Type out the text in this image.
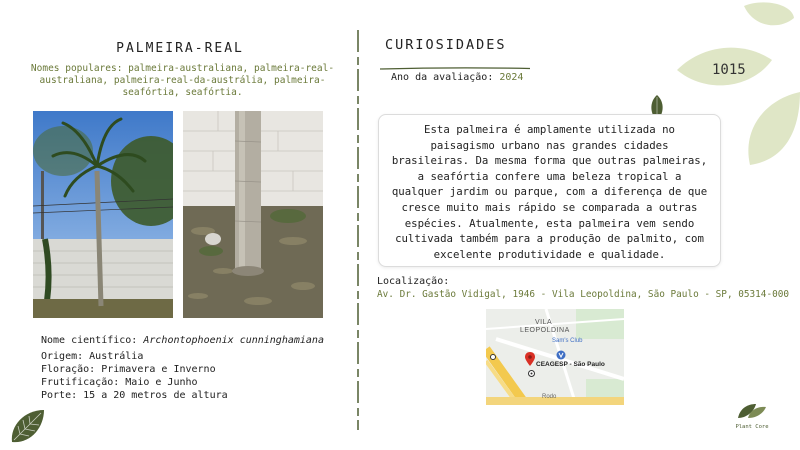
PALMEIRA-REAL
Nomes populares: palmeira-australiana, palmeira-real-australiana, palmeira-real-da-austrália, palmeira-seafórtia, seafórtia.
Nome científico: Archontophoenix cunninghamiana
Origem: Austrália
Floração: Primavera e Inverno
Frutificação: Maio e Junho
Porte: 15 a 20 metros de altura
CURIOSIDADES
Ano da avaliação: 2024	1015
Esta palmeira é amplamente utilizada no paisagismo urbano nas grandes cidades brasileiras. Da mesma forma que outras palmeiras, a seafórtia confere uma beleza tropical a qualquer jardim ou parque, com a diferença de que cresce muito mais rápido se comparada a outras espécies. Atualmente, esta palmeira vem sendo cultivada também para a produção de palmito, com excelente produtividade e qualidade.
Localização:
Av. Dr. Gastão Vidigal, 1946 - Vila Leopoldina, São Paulo - SP, 05314-000
VILA
LEOPOLDINA
Sam's Club
CEAGESP - São Paulo
Rodo
Plant Core
